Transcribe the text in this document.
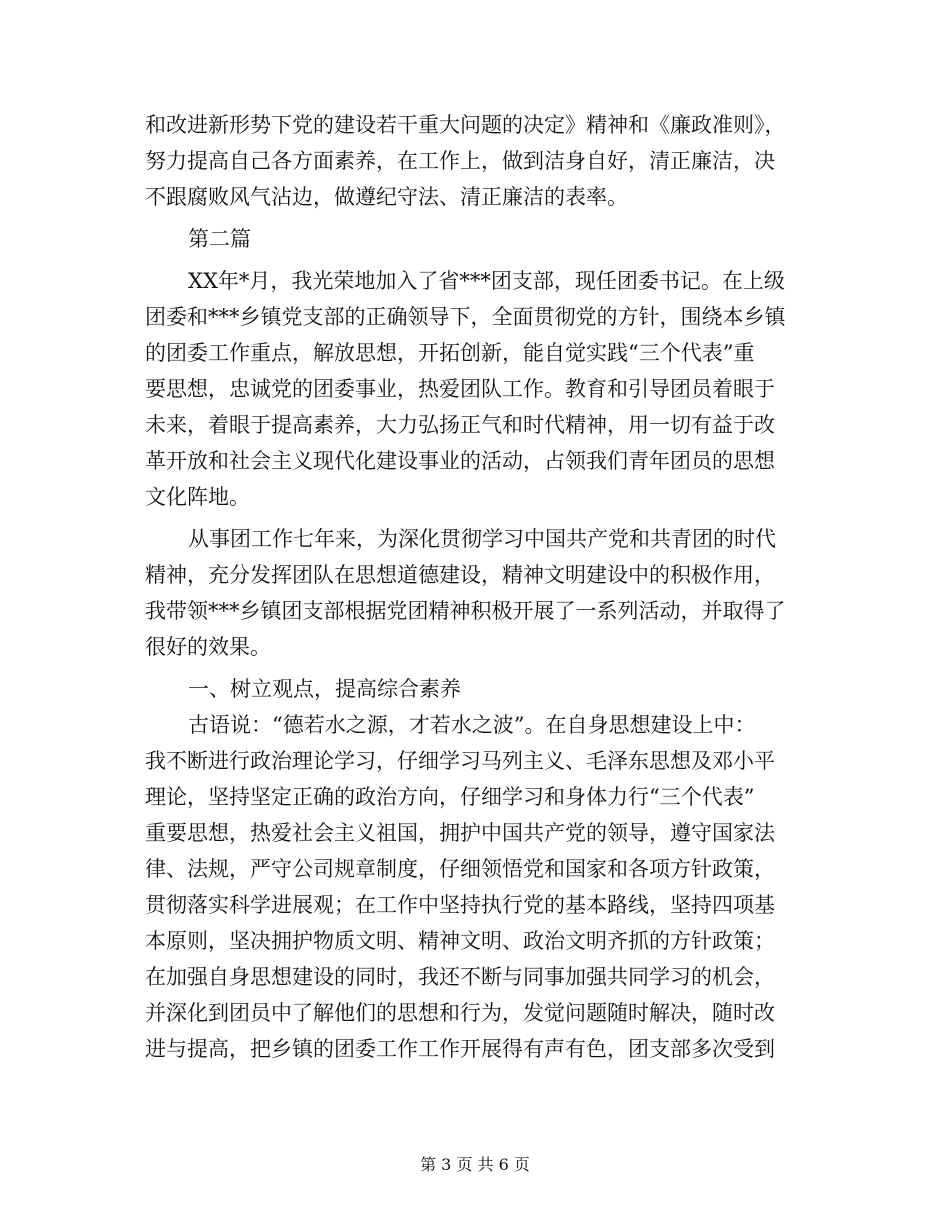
和改进新形势下党的建设若干重大问题的决定》精神和《廉政准则》，
努力提高自己各方面素养，在工作上，做到洁身自好，清正廉洁，决
不跟腐败风气沾边，做遵纪守法、清正廉洁的表率。
第二篇
XX年*月，我光荣地加入了省***团支部，现任团委书记。在上级
团委和***乡镇党支部的正确领导下，全面贯彻党的方针，围绕本乡镇
的团委工作重点，解放思想，开拓创新，能自觉实践“三个代表”重
要思想，忠诚党的团委事业，热爱团队工作。教育和引导团员着眼于
未来，着眼于提高素养，大力弘扬正气和时代精神，用一切有益于改
革开放和社会主义现代化建设事业的活动，占领我们青年团员的思想
文化阵地。
从事团工作七年来，为深化贯彻学习中国共产党和共青团的时代
精神，充分发挥团队在思想道德建设，精神文明建设中的积极作用，
我带领***乡镇团支部根据党团精神积极开展了一系列活动，并取得了
很好的效果。
一、树立观点，提高综合素养
古语说：“德若水之源，才若水之波”。在自身思想建设上中：
我不断进行政治理论学习，仔细学习马列主义、毛泽东思想及邓小平
理论，坚持坚定正确的政治方向，仔细学习和身体力行“三个代表”
重要思想，热爱社会主义祖国，拥护中国共产党的领导，遵守国家法
律、法规，严守公司规章制度，仔细领悟党和国家和各项方针政策，
贯彻落实科学进展观；在工作中坚持执行党的基本路线，坚持四项基
本原则，坚决拥护物质文明、精神文明、政治文明齐抓的方针政策；
在加强自身思想建设的同时，我还不断与同事加强共同学习的机会，
并深化到团员中了解他们的思想和行为，发觉问题随时解决，随时改
进与提高，把乡镇的团委工作工作开展得有声有色，团支部多次受到
第 3 页 共 6 页
